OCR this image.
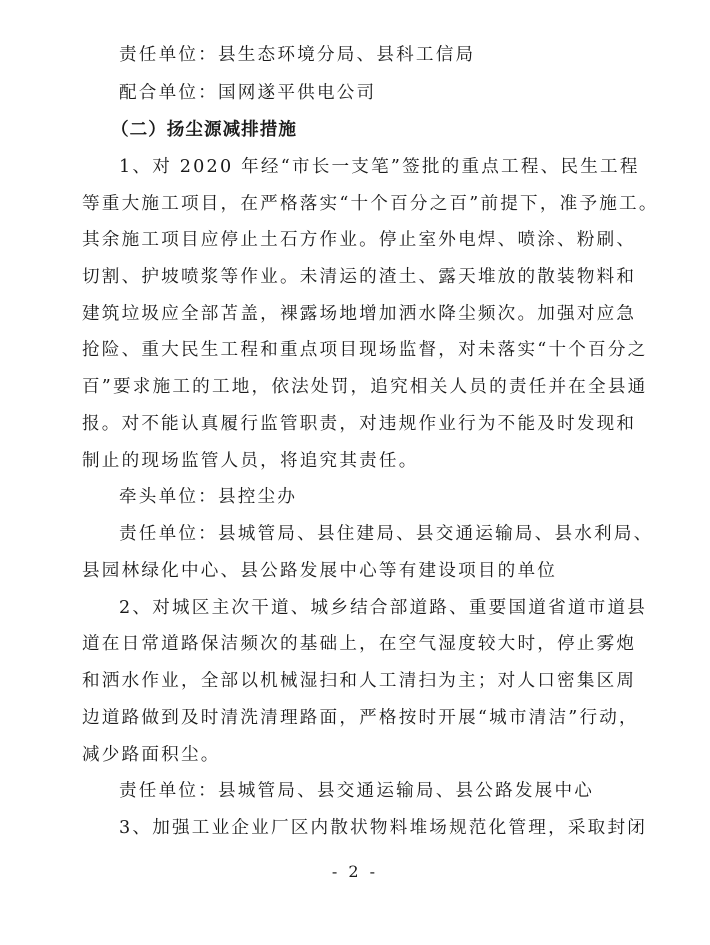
责任单位：县生态环境分局、县科工信局
配合单位：国网遂平供电公司
（二）扬尘源减排措施
1、对 2020 年经“市长一支笔”签批的重点工程、民生工程
等重大施工项目，在严格落实“十个百分之百”前提下，准予施工。
其余施工项目应停止土石方作业。停止室外电焊、喷涂、粉刷、
切割、护坡喷浆等作业。未清运的渣土、露天堆放的散装物料和
建筑垃圾应全部苫盖，裸露场地增加洒水降尘频次。加强对应急
抢险、重大民生工程和重点项目现场监督，对未落实“十个百分之
百”要求施工的工地，依法处罚，追究相关人员的责任并在全县通
报。对不能认真履行监管职责，对违规作业行为不能及时发现和
制止的现场监管人员，将追究其责任。
牵头单位：县控尘办
责任单位：县城管局、县住建局、县交通运输局、县水利局、
县园林绿化中心、县公路发展中心等有建设项目的单位
2、对城区主次干道、城乡结合部道路、重要国道省道市道县
道在日常道路保洁频次的基础上，在空气湿度较大时，停止雾炮
和洒水作业，全部以机械湿扫和人工清扫为主；对人口密集区周
边道路做到及时清洗清理路面，严格按时开展“城市清洁”行动，
减少路面积尘。
责任单位：县城管局、县交通运输局、县公路发展中心
3、加强工业企业厂区内散状物料堆场规范化管理，采取封闭
- 2 -
